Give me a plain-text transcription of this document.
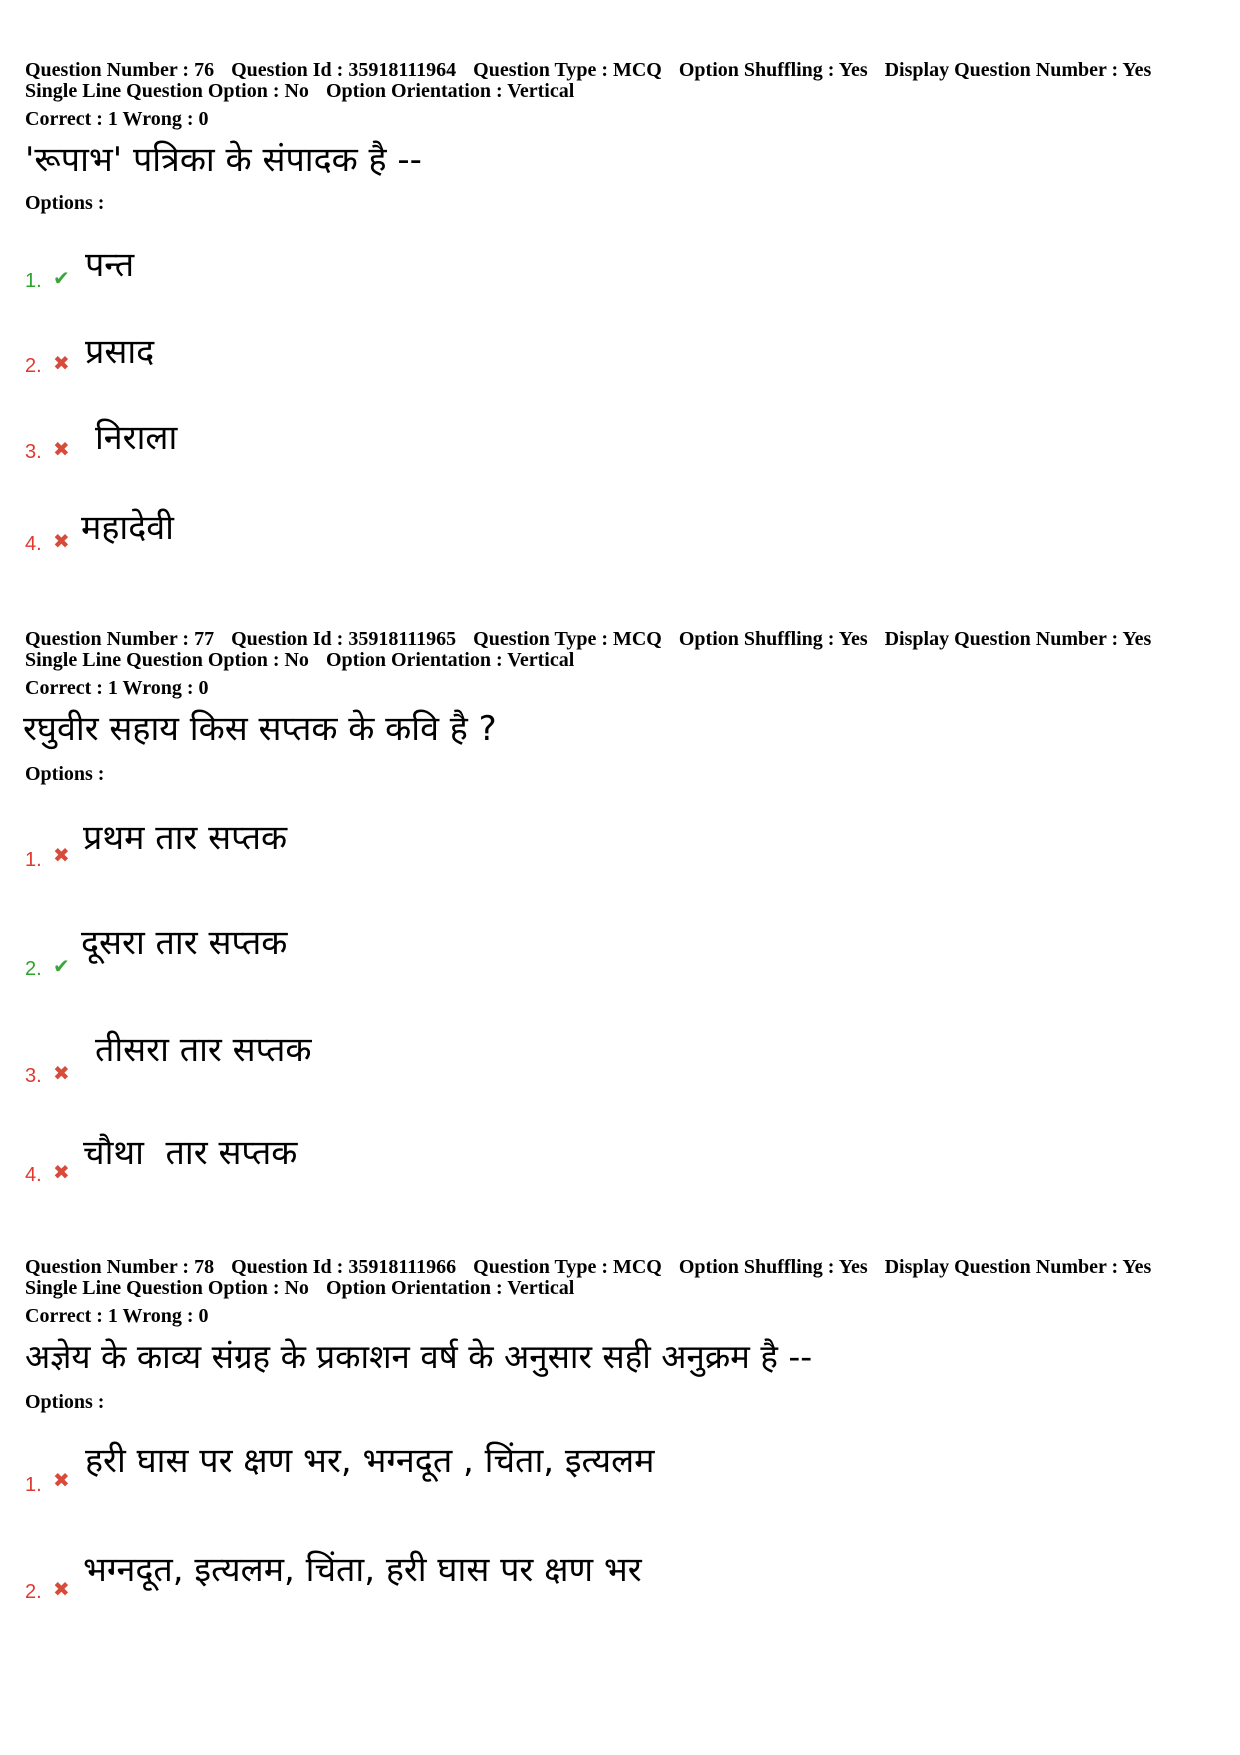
Question Number : 76 Question Id : 35918111964 Question Type : MCQ Option Shuffling : Yes Display Question Number : Yes
Single Line Question Option : No Option Orientation : Vertical
Correct : 1 Wrong : 0
'रूपाभ' पत्रिका के संपादक है --
Options :
1. ✔ पन्त
2. ✖ प्रसाद
3. ✖ निराला
4. ✖ महादेवी
Question Number : 77 Question Id : 35918111965 Question Type : MCQ Option Shuffling : Yes Display Question Number : Yes
Single Line Question Option : No Option Orientation : Vertical
Correct : 1 Wrong : 0
रघुवीर सहाय किस सप्तक के कवि है ?
Options :
1. ✖ प्रथम तार सप्तक
2. ✔
दूसरा तार सप्तक
3. ✖
तीसरा तार सप्तक
4. ✖ चौथा  तार सप्तक
Question Number : 78 Question Id : 35918111966 Question Type : MCQ Option Shuffling : Yes Display Question Number : Yes
Single Line Question Option : No Option Orientation : Vertical
Correct : 1 Wrong : 0
अज्ञेय के काव्य संग्रह के प्रकाशन वर्ष के अनुसार सही अनुक्रम है --
Options :
1. ✖ हरी घास पर क्षण भर, भग्नदूत , चिंता, इत्यलम
2. ✖ भग्नदूत, इत्यलम, चिंता, हरी घास पर क्षण भर
